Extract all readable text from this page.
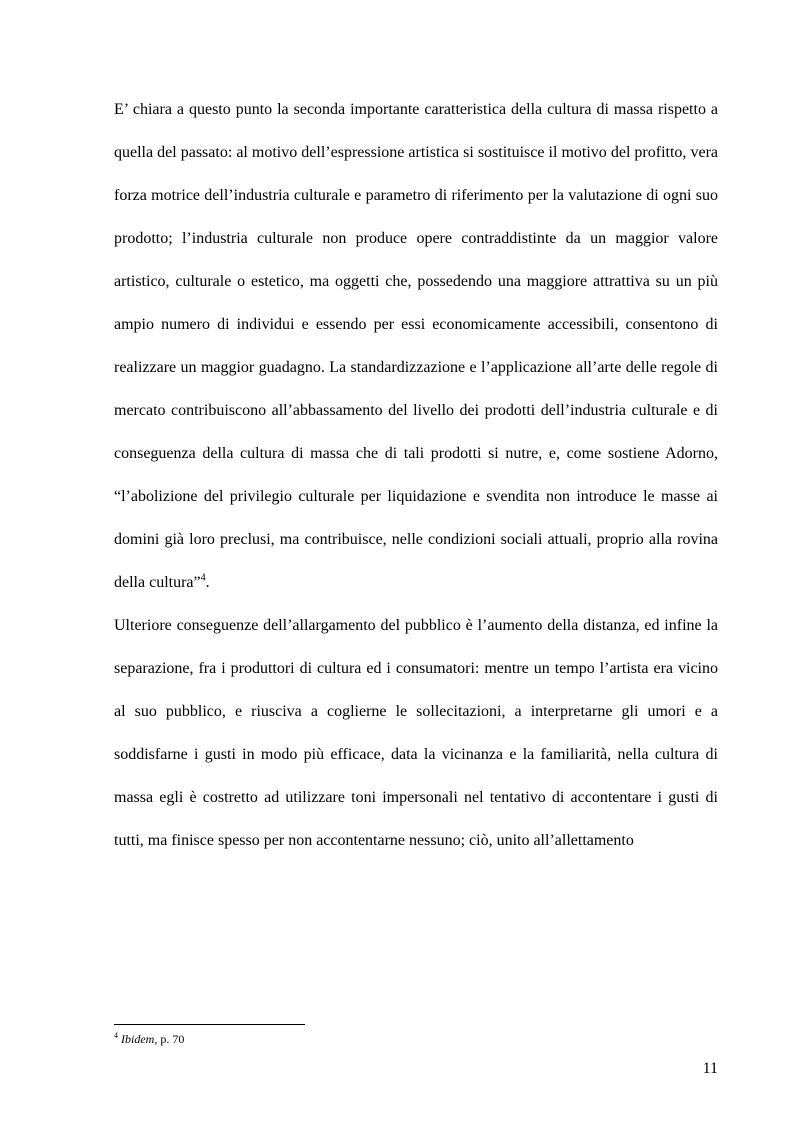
E’ chiara a questo punto la seconda importante caratteristica della cultura di massa rispetto a quella del passato: al motivo dell’espressione artistica si sostituisce il motivo del profitto, vera forza motrice dell’industria culturale e parametro di riferimento per la valutazione di ogni suo prodotto; l’industria culturale non produce opere contraddistinte da un maggior valore artistico, culturale o estetico, ma oggetti che, possedendo una maggiore attrattiva su un più ampio numero di individui e essendo per essi economicamente accessibili, consentono di realizzare un maggior guadagno. La standardizzazione e l’applicazione all’arte delle regole di mercato contribuiscono all’abbassamento del livello dei prodotti dell’industria culturale e di conseguenza della cultura di massa che di tali prodotti si nutre, e, come sostiene Adorno, “l’abolizione del privilegio culturale per liquidazione e svendita non introduce le masse ai domini già loro preclusi, ma contribuisce, nelle condizioni sociali attuali, proprio alla rovina della cultura”$^4$.

Ulteriore conseguenze dell’allargamento del pubblico è l’aumento della distanza, ed infine la separazione, fra i produttori di cultura ed i consumatori: mentre un tempo l’artista era vicino al suo pubblico, e riusciva a coglierne le sollecitazioni, a interpretarne gli umori e a soddisfarne i gusti in modo più efficace, data la vicinanza e la familiarità, nella cultura di massa egli è costretto ad utilizzare toni impersonali nel tentativo di accontentare i gusti di tutti, ma finisce spesso per non accontentarne nessuno; ciò, unito all’allettamento

$^4$ Ibidem, p. 70
11
